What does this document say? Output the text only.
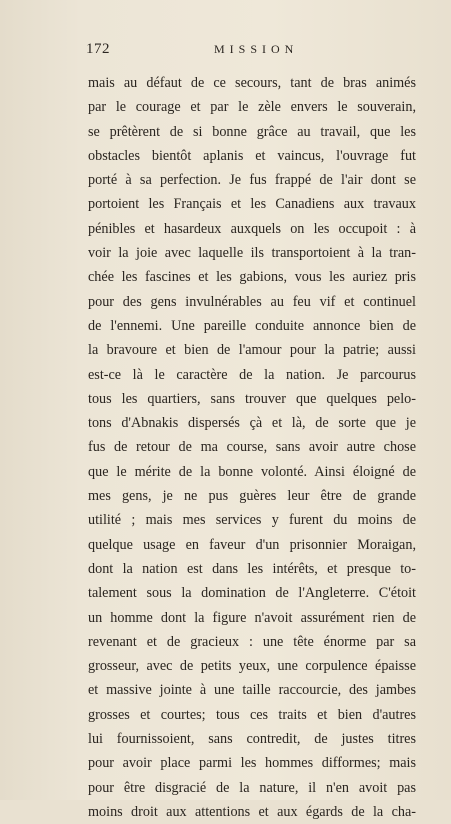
172	MISSION
mais au défaut de ce secours, tant de bras animés
par le courage et par le zèle envers le souverain,
se prêtèrent de si bonne grâce au travail, que les
obstacles bientôt aplanis et vaincus, l'ouvrage fut
porté à sa perfection. Je fus frappé de l'air dont se
portoient les Français et les Canadiens aux travaux
pénibles et hasardeux auxquels on les occupoit : à
voir la joie avec laquelle ils transportoient à la tran-
chée les fascines et les gabions, vous les auriez pris
pour des gens invulnérables au feu vif et continuel
de l'ennemi. Une pareille conduite annonce bien de
la bravoure et bien de l'amour pour la patrie; aussi
est-ce là le caractère de la nation. Je parcourus
tous les quartiers, sans trouver que quelques pelo-
tons d'Abnakis dispersés çà et là, de sorte que je
fus de retour de ma course, sans avoir autre chose
que le mérite de la bonne volonté. Ainsi éloigné de
mes gens, je ne pus guères leur être de grande
utilité ; mais mes services y furent du moins de
quelque usage en faveur d'un prisonnier Moraigan,
dont la nation est dans les intérêts, et presque to-
talement sous la domination de l'Angleterre. C'étoit
un homme dont la figure n'avoit assurément rien de
revenant et de gracieux : une tête énorme par sa
grosseur, avec de petits yeux, une corpulence épaisse
et massive jointe à une taille raccourcie, des jambes
grosses et courtes; tous ces traits et bien d'autres
lui fournissoient, sans contredit, de justes titres
pour avoir place parmi les hommes difformes; mais
pour être disgracié de la nature, il n'en avoit pas
moins droit aux attentions et aux égards de la cha-
